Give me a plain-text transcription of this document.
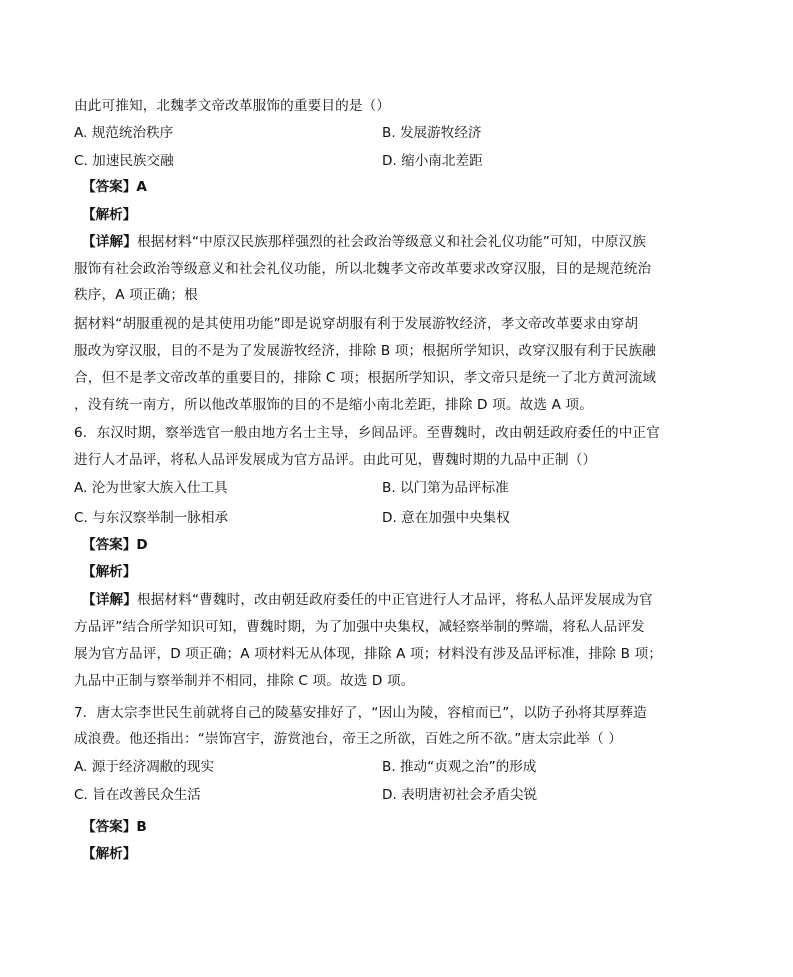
由此可推知，北魏孝文帝改革服饰的重要目的是（）
A. 规范统治秩序	B. 发展游牧经济
C. 加速民族交融	D. 缩小南北差距
【答案】A
【解析】
【详解】根据材料“中原汉民族那样强烈的社会政治等级意义和社会礼仪功能”可知，中原汉族
服饰有社会政治等级意义和社会礼仪功能，所以北魏孝文帝改革要求改穿汉服，目的是规范统治
秩序，A 项正确；根
据材料“胡服重视的是其使用功能”即是说穿胡服有利于发展游牧经济，孝文帝改革要求由穿胡
服改为穿汉服，目的不是为了发展游牧经济，排除 B 项；根据所学知识，改穿汉服有利于民族融
合，但不是孝文帝改革的重要目的，排除 C 项；根据所学知识，孝文帝只是统一了北方黄河流域
，没有统一南方，所以他改革服饰的目的不是缩小南北差距，排除 D 项。故选 A 项。
6．东汉时期，察举选官一般由地方名士主导，乡闾品评。至曹魏时，改由朝廷政府委任的中正官
进行人才品评，将私人品评发展成为官方品评。由此可见，曹魏时期的九品中正制（）
A. 沦为世家大族入仕工具	B. 以门第为品评标准
C. 与东汉察举制一脉相承	D. 意在加强中央集权
【答案】D
【解析】
【详解】根据材料“曹魏时，改由朝廷政府委任的中正官进行人才品评，将私人品评发展成为官
方品评”结合所学知识可知，曹魏时期，为了加强中央集权，减轻察举制的弊端，将私人品评发
展为官方品评，D 项正确；A 项材料无从体现，排除 A 项；材料没有涉及品评标准，排除 B 项；
九品中正制与察举制并不相同，排除 C 项。故选 D 项。
7．唐太宗李世民生前就将自己的陵墓安排好了，“因山为陵，容棺而已”，以防子孙将其厚葬造
成浪费。他还指出：“崇饰宫宇，游赏池台，帝王之所欲，百姓之所不欲。”唐太宗此举（ ）
A. 源于经济凋敝的现实	B. 推动“贞观之治”的形成
C. 旨在改善民众生活	D. 表明唐初社会矛盾尖锐
【答案】B
【解析】
